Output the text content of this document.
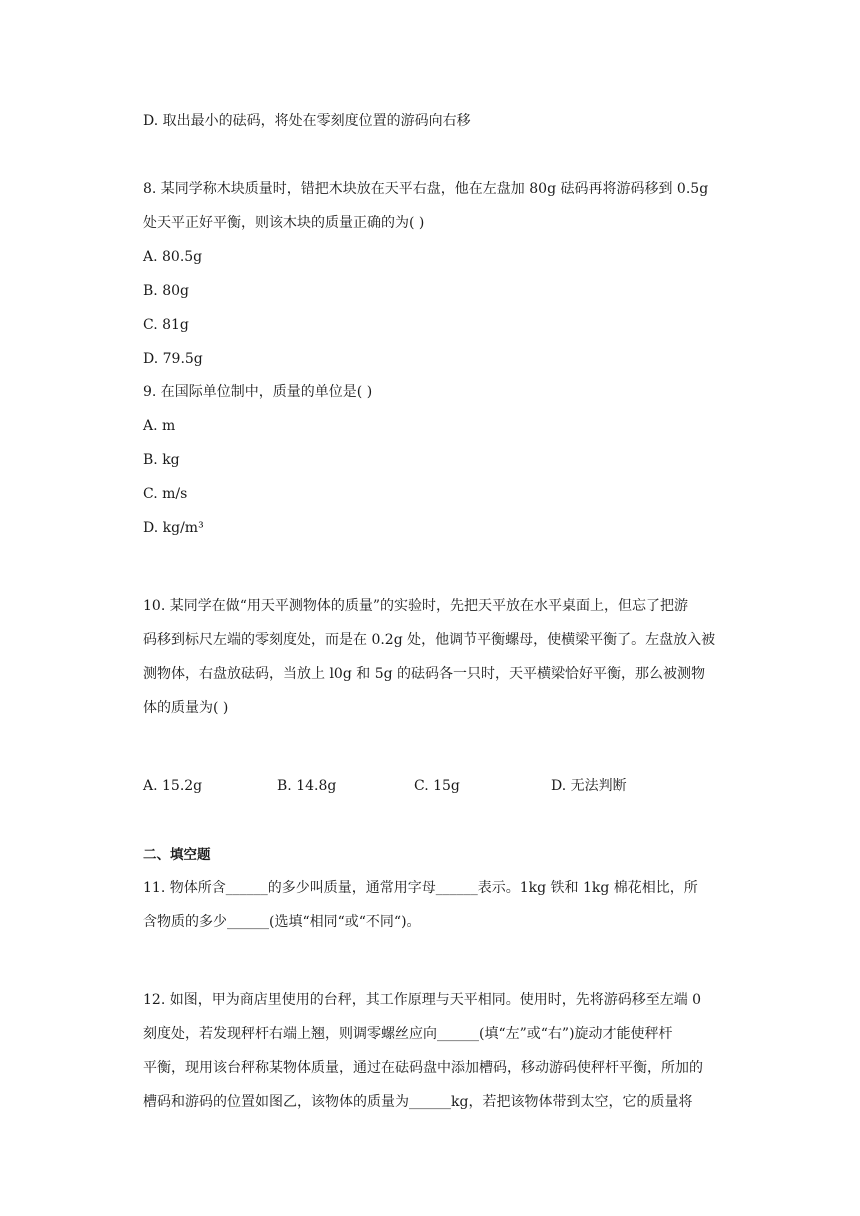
D. 取出最小的砝码，将处在零刻度位置的游码向右移
8. 某同学称木块质量时，错把木块放在天平右盘，他在左盘加 80g 砝码再将游码移到 0.5g
处天平正好平衡，则该木块的质量正确的为( )
A. 80.5g
B. 80g
C. 81g
D. 79.5g
9. 在国际单位制中，质量的单位是( )
A. m
B. kg
C. m/s
D. kg/m³
10. 某同学在做“用天平测物体的质量”的实验时，先把天平放在水平桌面上，但忘了把游
码移到标尺左端的零刻度处，而是在 0.2g 处，他调节平衡螺母，使横梁平衡了。左盘放入被
测物体，右盘放砝码，当放上 l0g 和 5g 的砝码各一只时，天平横梁恰好平衡，那么被测物
体的质量为( )
A. 15.2g	B. 14.8g	C. 15g	D. 无法判断
二、填空题
11. 物体所含______的多少叫质量，通常用字母______表示。1kg 铁和 1kg 棉花相比，所
含物质的多少______(选填“相同“或“不同“)。
12. 如图，甲为商店里使用的台秤，其工作原理与天平相同。使用时，先将游码移至左端 0
刻度处，若发现秤杆右端上翘，则调零螺丝应向______(填“左”或“右”)旋动才能使秤杆
平衡，现用该台秤称某物体质量，通过在砝码盘中添加槽码，移动游码使秤杆平衡，所加的
槽码和游码的位置如图乙，该物体的质量为______kg，若把该物体带到太空，它的质量将
